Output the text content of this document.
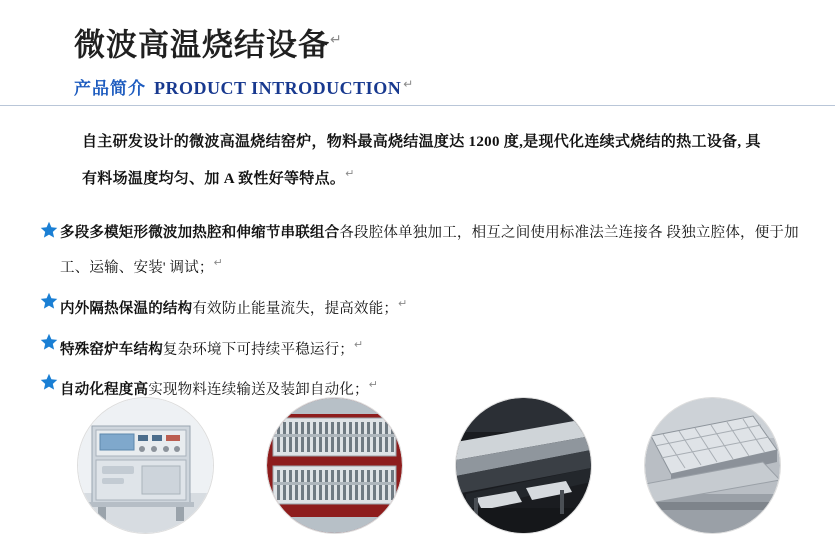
微波高温烧结设备↵
产品简介 PRODUCT INTRODUCTION ↵
自主研发设计的微波高温烧结窑炉，物料最高烧结温度达 1200 度,是现代化连续式烧结的热工设备, 具有料场温度均匀、加 A 致性好等特点。↵
多段多模矩形微波加热腔和伸缩节串联组合各段腔体单独加工，相互之间使用标准法兰连接各 段独立腔体，便于加工、运输、安装' 调试；↵
内外隔热保温的结构有效防止能量流失，提高效能；↵
特殊窑炉车结构复杂环境下可持续平稳运行；↵
自动化程度高实现物料连续输送及装卸自动化；↵
